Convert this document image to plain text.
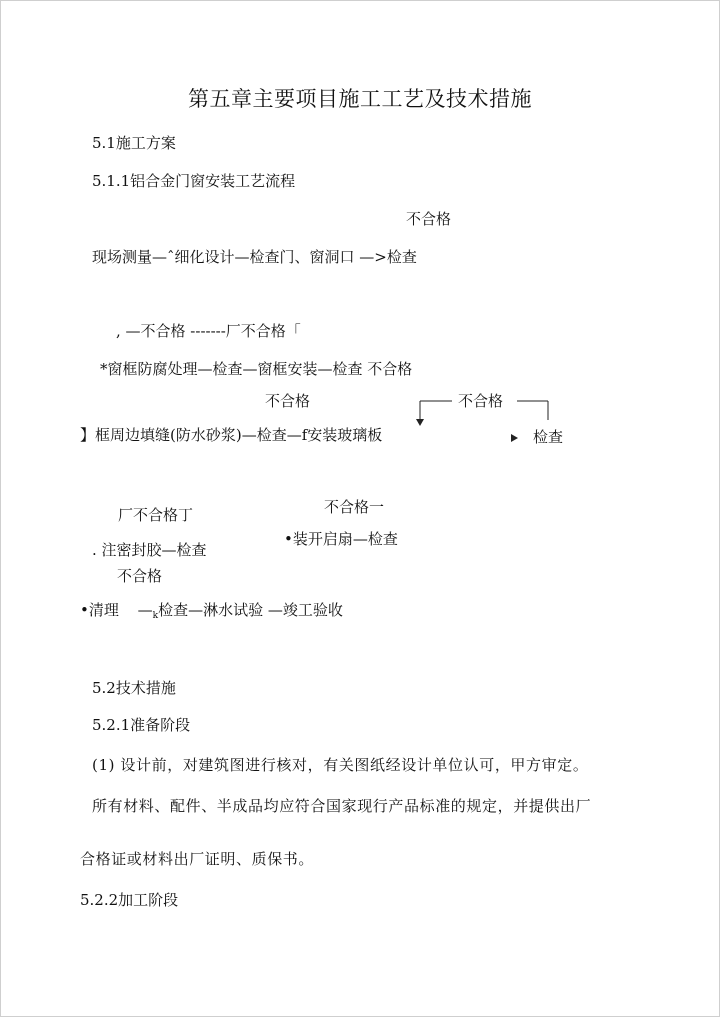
第五章主要项目施工工艺及技术措施
5.1施工方案
5.1.1铝合金门窗安装工艺流程
不合格
现场测量—ˆ细化设计—检查门、窗洞口 —>检查
, —不合格 -------厂不合格「
*窗框防腐处理—检查—窗框安装—检查 不合格
不合格	不合格
】框周边填缝(防水砂浆)—检查—f安装玻璃板	检查
厂不合格丁	不合格一
•装开启扇—检查
. 注密封胶—检查
不合格
•清理 $—_k$检查—淋水试验 —竣工验收
5.2技术措施
5.2.1准备阶段
(1) 设计前，对建筑图进行核对，有关图纸经设计单位认可，甲方审定。
所有材料、配件、半成品均应符合国家现行产品标准的规定，并提供出厂
合格证或材料出厂证明、质保书。
5.2.2加工阶段
